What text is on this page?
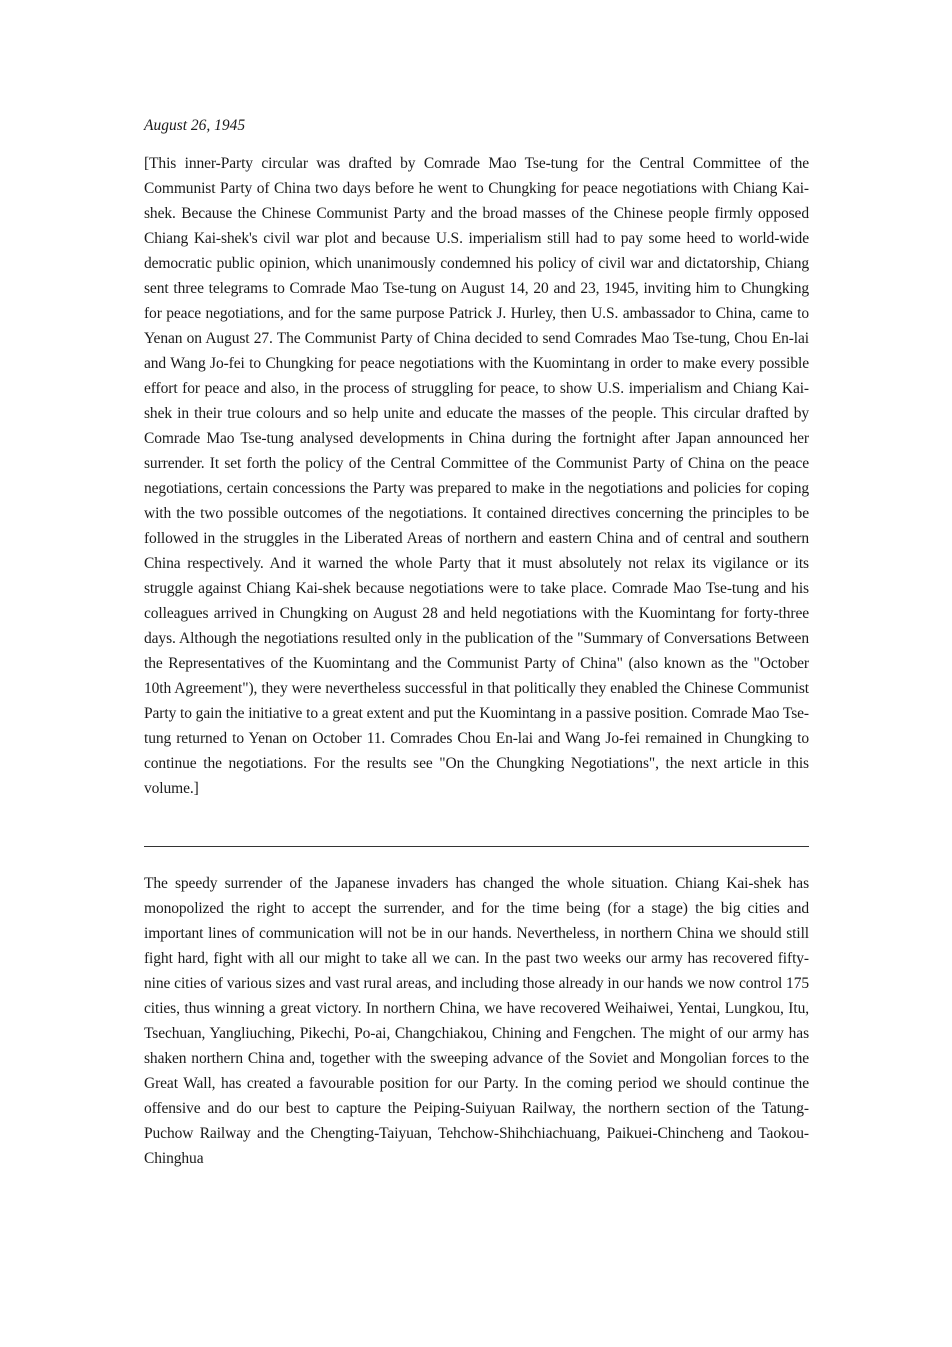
August 26, 1945

[This inner-Party circular was drafted by Comrade Mao Tse-tung for the Central Committee of the Communist Party of China two days before he went to Chungking for peace negotiations with Chiang Kai-shek. Because the Chinese Communist Party and the broad masses of the Chinese people firmly opposed Chiang Kai-shek's civil war plot and because U.S. imperialism still had to pay some heed to world-wide democratic public opinion, which unanimously condemned his policy of civil war and dictatorship, Chiang sent three telegrams to Comrade Mao Tse-tung on August 14, 20 and 23, 1945, inviting him to Chungking for peace negotiations, and for the same purpose Patrick J. Hurley, then U.S. ambassador to China, came to Yenan on August 27. The Communist Party of China decided to send Comrades Mao Tse-tung, Chou En-lai and Wang Jo-fei to Chungking for peace negotiations with the Kuomintang in order to make every possible effort for peace and also, in the process of struggling for peace, to show U.S. imperialism and Chiang Kai-shek in their true colours and so help unite and educate the masses of the people. This circular drafted by Comrade Mao Tse-tung analysed developments in China during the fortnight after Japan announced her surrender. It set forth the policy of the Central Committee of the Communist Party of China on the peace negotiations, certain concessions the Party was prepared to make in the negotiations and policies for coping with the two possible outcomes of the negotiations. It contained directives concerning the principles to be followed in the struggles in the Liberated Areas of northern and eastern China and of central and southern China respectively. And it warned the whole Party that it must absolutely not relax its vigilance or its struggle against Chiang Kai-shek because negotiations were to take place. Comrade Mao Tse-tung and his colleagues arrived in Chungking on August 28 and held negotiations with the Kuomintang for forty-three days. Although the negotiations resulted only in the publication of the "Summary of Conversations Between the Representatives of the Kuomintang and the Communist Party of China" (also known as the "October 10th Agreement"), they were nevertheless successful in that politically they enabled the Chinese Communist Party to gain the initiative to a great extent and put the Kuomintang in a passive position. Comrade Mao Tse-tung returned to Yenan on October 11. Comrades Chou En-lai and Wang Jo-fei remained in Chungking to continue the negotiations. For the results see "On the Chungking Negotiations", the next article in this volume.]

The speedy surrender of the Japanese invaders has changed the whole situation. Chiang Kai-shek has monopolized the right to accept the surrender, and for the time being (for a stage) the big cities and important lines of communication will not be in our hands. Nevertheless, in northern China we should still fight hard, fight with all our might to take all we can. In the past two weeks our army has recovered fifty-nine cities of various sizes and vast rural areas, and including those already in our hands we now control 175 cities, thus winning a great victory. In northern China, we have recovered Weihaiwei, Yentai, Lungkou, Itu, Tsechuan, Yangliuching, Pikechi, Po-ai, Changchiakou, Chining and Fengchen. The might of our army has shaken northern China and, together with the sweeping advance of the Soviet and Mongolian forces to the Great Wall, has created a favourable position for our Party. In the coming period we should continue the offensive and do our best to capture the Peiping-Suiyuan Railway, the northern section of the Tatung-Puchow Railway and the Chengting-Taiyuan, Tehchow-Shihchiachuang, Paikuei-Chincheng and Taokou-Chinghua
